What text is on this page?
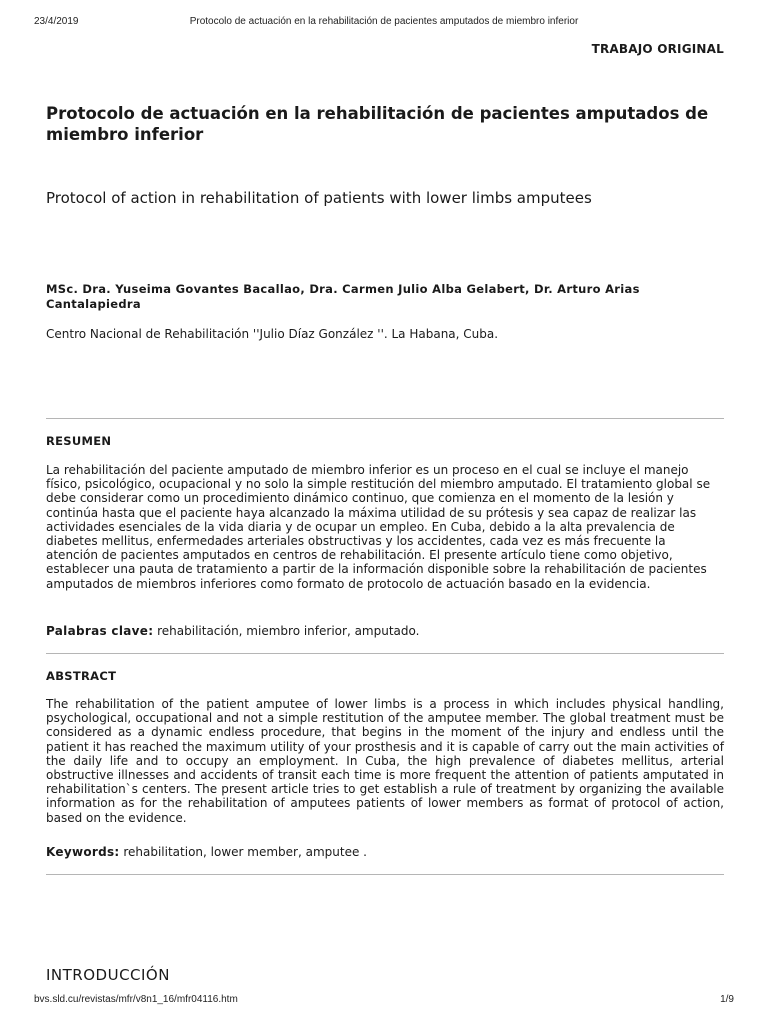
23/4/2019	Protocolo de actuación en la rehabilitación de pacientes amputados de miembro inferior
TRABAJO ORIGINAL
Protocolo de actuación en la rehabilitación de pacientes amputados de miembro inferior
Protocol of action in rehabilitation of patients with lower limbs amputees
MSc. Dra. Yuseima Govantes Bacallao, Dra. Carmen Julio Alba Gelabert, Dr. Arturo Arias Cantalapiedra
Centro Nacional de Rehabilitación ''Julio Díaz González ''. La Habana, Cuba.
RESUMEN

La rehabilitación del paciente amputado de miembro inferior es un proceso en el cual se incluye el manejo físico, psicológico, ocupacional y no solo la simple restitución del miembro amputado. El tratamiento global se debe considerar como un procedimiento dinámico continuo, que comienza en el momento de la lesión y continúa hasta que el paciente haya alcanzado la máxima utilidad de su prótesis y sea capaz de realizar las actividades esenciales de la vida diaria y de ocupar un empleo. En Cuba, debido a la alta prevalencia de diabetes mellitus, enfermedades arteriales obstructivas y los accidentes, cada vez es más frecuente la atención de pacientes amputados en centros de rehabilitación. El presente artículo tiene como objetivo, establecer una pauta de tratamiento a partir de la información disponible sobre la rehabilitación de pacientes amputados de miembros inferiores como formato de protocolo de actuación basado en la evidencia.

Palabras clave: rehabilitación, miembro inferior, amputado.
ABSTRACT

The rehabilitation of the patient amputee of lower limbs is a process in which includes physical handling, psychological, occupational and not a simple restitution of the amputee member. The global treatment must be considered as a dynamic endless procedure, that begins in the moment of the injury and endless until the patient it has reached the maximum utility of your prosthesis and it is capable of carry out the main activities of the daily life and to occupy an employment. In Cuba, the high prevalence of diabetes mellitus, arterial obstructive illnesses and accidents of transit each time is more frequent the attention of patients amputated in rehabilitation`s centers. The present article tries to get establish a rule of treatment by organizing the available information as for the rehabilitation of amputees patients of lower members as format of protocol of action, based on the evidence.

Keywords: rehabilitation, lower member, amputee .
INTRODUCCIÓN
bvs.sld.cu/revistas/mfr/v8n1_16/mfr04116.htm	1/9
